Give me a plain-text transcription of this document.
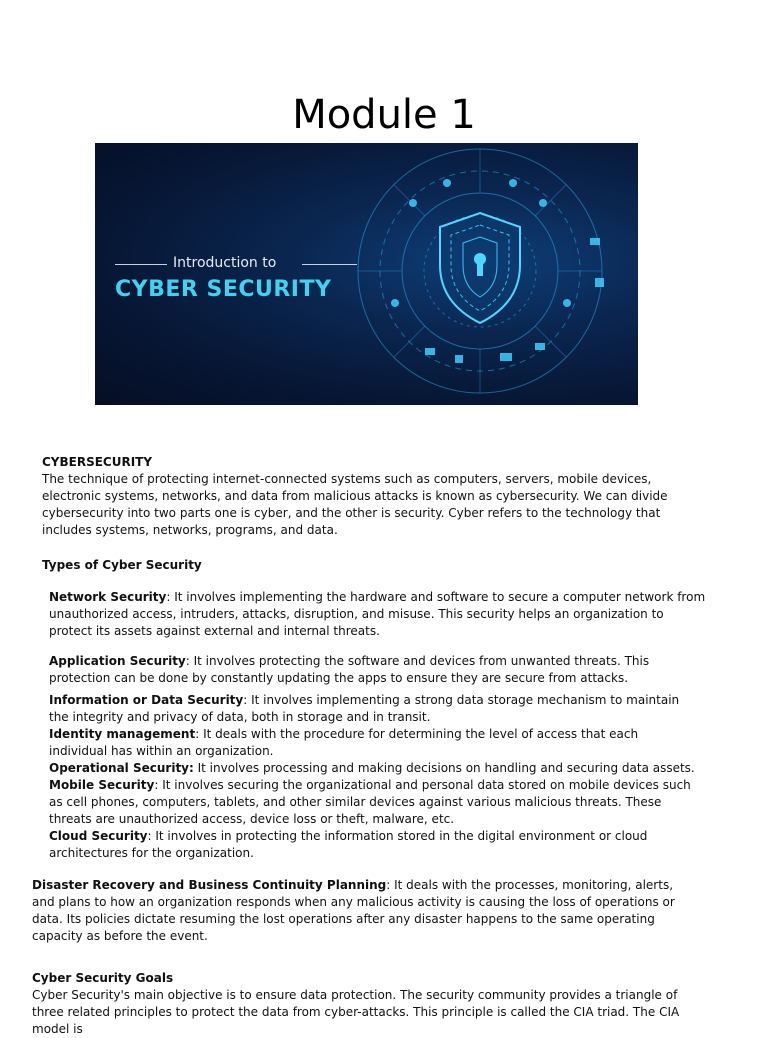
Module 1
Introduction to
CYBER SECURITY

CYBERSECURITY

The technique of protecting internet-connected systems such as computers, servers, mobile devices, electronic systems, networks, and data from malicious attacks is known as cybersecurity. We can divide cybersecurity into two parts one is cyber, and the other is security. Cyber refers to the technology that includes systems, networks, programs, and data.

Types of Cyber Security

Network Security: It involves implementing the hardware and software to secure a computer network from unauthorized access, intruders, attacks, disruption, and misuse. This security helps an organization to protect its assets against external and internal threats.

Application Security: It involves protecting the software and devices from unwanted threats. This protection can be done by constantly updating the apps to ensure they are secure from attacks.

Information or Data Security: It involves implementing a strong data storage mechanism to maintain the integrity and privacy of data, both in storage and in transit.

Identity management: It deals with the procedure for determining the level of access that each individual has within an organization.

Operational Security: It involves processing and making decisions on handling and securing data assets.

Mobile Security: It involves securing the organizational and personal data stored on mobile devices such as cell phones, computers, tablets, and other similar devices against various malicious threats. These threats are unauthorized access, device loss or theft, malware, etc.

Cloud Security: It involves in protecting the information stored in the digital environment or cloud architectures for the organization.

Disaster Recovery and Business Continuity Planning: It deals with the processes, monitoring, alerts, and plans to how an organization responds when any malicious activity is causing the loss of operations or data. Its policies dictate resuming the lost operations after any disaster happens to the same operating capacity as before the event.

Cyber Security Goals

Cyber Security's main objective is to ensure data protection. The security community provides a triangle of three related principles to protect the data from cyber-attacks. This principle is called the CIA triad. The CIA model is
